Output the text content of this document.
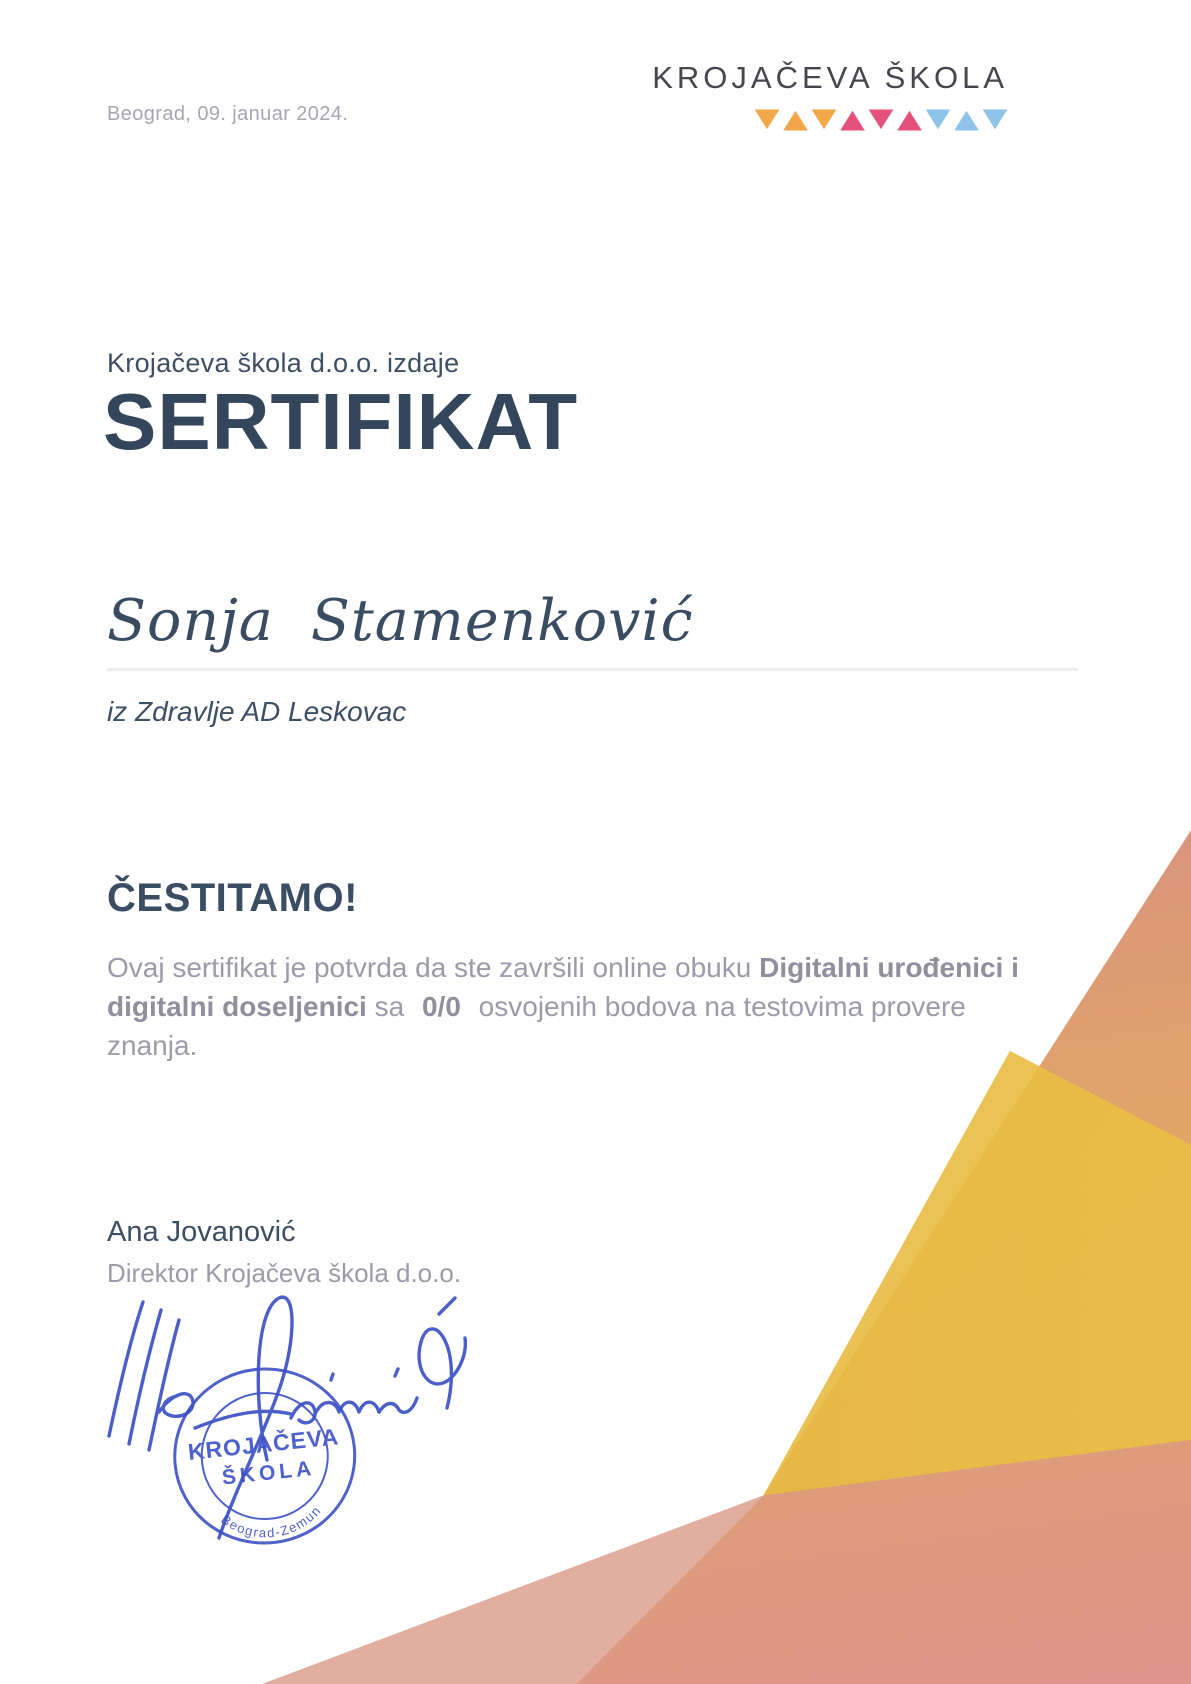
Beograd, 09. januar 2024.
KROJAČEVA ŠKOLA
Krojačeva škola d.o.o. izdaje
SERTIFIKAT
Sonja Stamenković
iz Zdravlje AD Leskovac
ČESTITAMO!
Ovaj sertifikat je potvrda da ste završili online obuku Digitalni urođenici i
digitalni doseljenici sa 0/0 osvojenih bodova na testovima provere
znanja.
Ana Jovanović
Direktor Krojačeva škola d.o.o.
KROJAČEVA
ŠKOLA
Beograd-Zemun
